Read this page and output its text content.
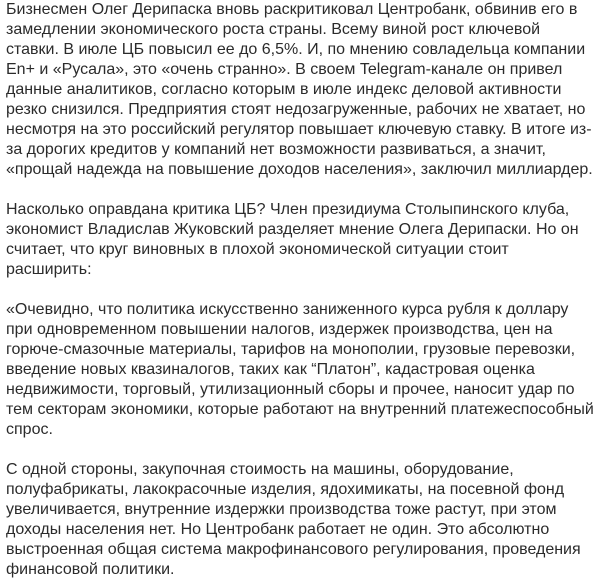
Бизнесмен Олег Дерипаска вновь раскритиковал Центробанк, обвинив его в замедлении экономического роста страны. Всему виной рост ключевой ставки. В июле ЦБ повысил ее до 6,5%. И, по мнению совладельца компании En+ и «Русала», это «очень странно». В своем Telegram-канале он привел данные аналитиков, согласно которым в июле индекс деловой активности резко снизился. Предприятия стоят недозагруженные, рабочих не хватает, но несмотря на это российский регулятор повышает ключевую ставку. В итоге из-за дорогих кредитов у компаний нет возможности развиваться, а значит, «прощай надежда на повышение доходов населения», заключил миллиардер.

Насколько оправдана критика ЦБ? Член президиума Столыпинского клуба, экономист Владислав Жуковский разделяет мнение Олега Дерипаски. Но он считает, что круг виновных в плохой экономической ситуации стоит расширить:

«Очевидно, что политика искусственно заниженного курса рубля к доллару при одновременном повышении налогов, издержек производства, цен на горюче-смазочные материалы, тарифов на монополии, грузовые перевозки, введение новых квазиналогов, таких как “Платон”, кадастровая оценка недвижимости, торговый, утилизационный сборы и прочее, наносит удар по тем секторам экономики, которые работают на внутренний платежеспособный спрос.

С одной стороны, закупочная стоимость на машины, оборудование, полуфабрикаты, лакокрасочные изделия, ядохимикаты, на посевной фонд увеличивается, внутренние издержки производства тоже растут, при этом доходы населения нет. Но Центробанк работает не один. Это абсолютно выстроенная общая система макрофинансового регулирования, проведения финансовой политики.
